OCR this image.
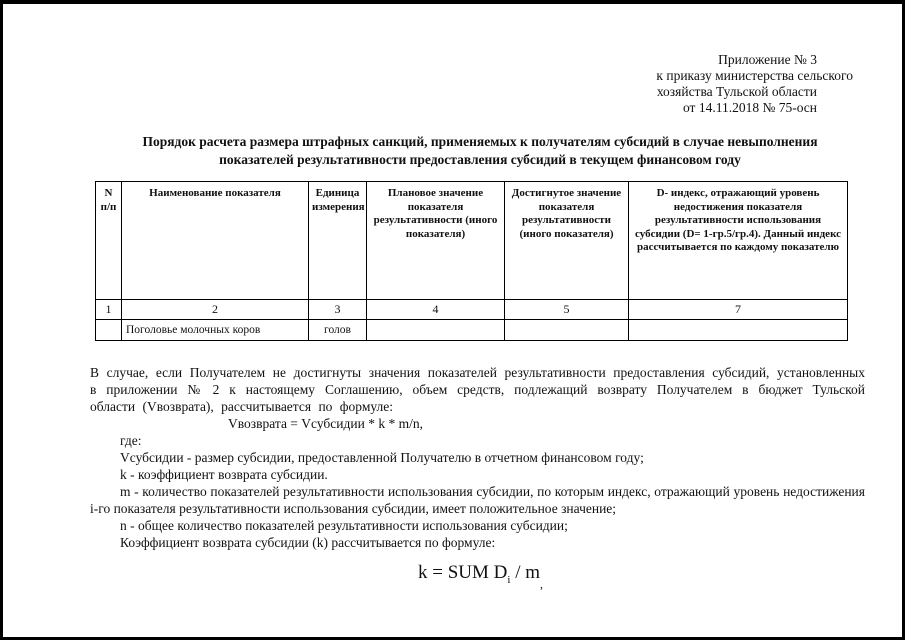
Приложение № 3
к приказу министерства сельского
хозяйства Тульской области
от 14.11.2018 № 75-осн
Порядок расчета размера штрафных санкций, применяемых к получателям субсидий в случае невыполнения
показателей результативности предоставления субсидий в текущем финансовом году
N п/п	Наименование показателя	Единица измерения	Плановое значение показателя результативности (иного показателя)	Достигнутое значение показателя результативности (иного показателя)	D- индекс, отражающий уровень недостижения показателя результативности использования субсидии (D= 1-гр.5/гр.4). Данный индекс рассчитывается по каждому показателю
1	2	3	4	5	7
	Поголовье молочных коров	голов			

В случае, если Получателем не достигнуты значения показателей результативности предоставления субсидий, установленных в приложении № 2 к настоящему Соглашению, объем средств, подлежащий возврату Получателем в бюджет Тульской области (Vвозврата), рассчитывается по формуле:

Vвозврата = Vсубсидии * k * m/n,

где:

Vсубсидии - размер субсидии, предоставленной Получателю в отчетном финансовом году;

k - коэффициент возврата субсидии.

m - количество показателей результативности использования субсидии, по которым индекс, отражающий уровень недостижения i-го показателя результативности использования субсидии, имеет положительное значение;

n - общее количество показателей результативности использования субсидии;

Коэффициент возврата субсидии (k) рассчитывается по формуле:

k = SUM $D_i / m_,$
